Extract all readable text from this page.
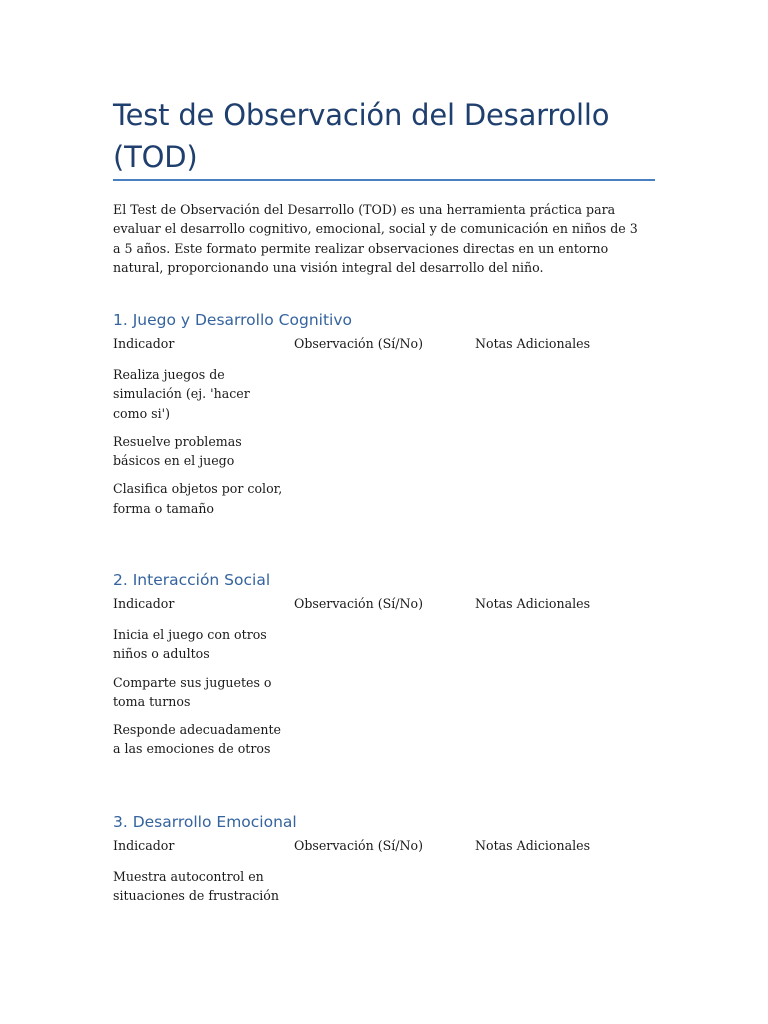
Test de Observación del Desarrollo (TOD)

El Test de Observación del Desarrollo (TOD) es una herramienta práctica para evaluar el desarrollo cognitivo, emocional, social y de comunicación en niños de 3 a 5 años. Este formato permite realizar observaciones directas en un entorno natural, proporcionando una visión integral del desarrollo del niño.

1. Juego y Desarrollo Cognitivo
Indicador	Observación (Sí/No)	Notas Adicionales
Realiza juegos de simulación (ej. 'hacer como si')
Resuelve problemas básicos en el juego
Clasifica objetos por color, forma o tamaño
2. Interacción Social
Indicador	Observación (Sí/No)	Notas Adicionales
Inicia el juego con otros niños o adultos
Comparte sus juguetes o toma turnos
Responde adecuadamente a las emociones de otros
3. Desarrollo Emocional
Indicador	Observación (Sí/No)	Notas Adicionales
Muestra autocontrol en situaciones de frustración
